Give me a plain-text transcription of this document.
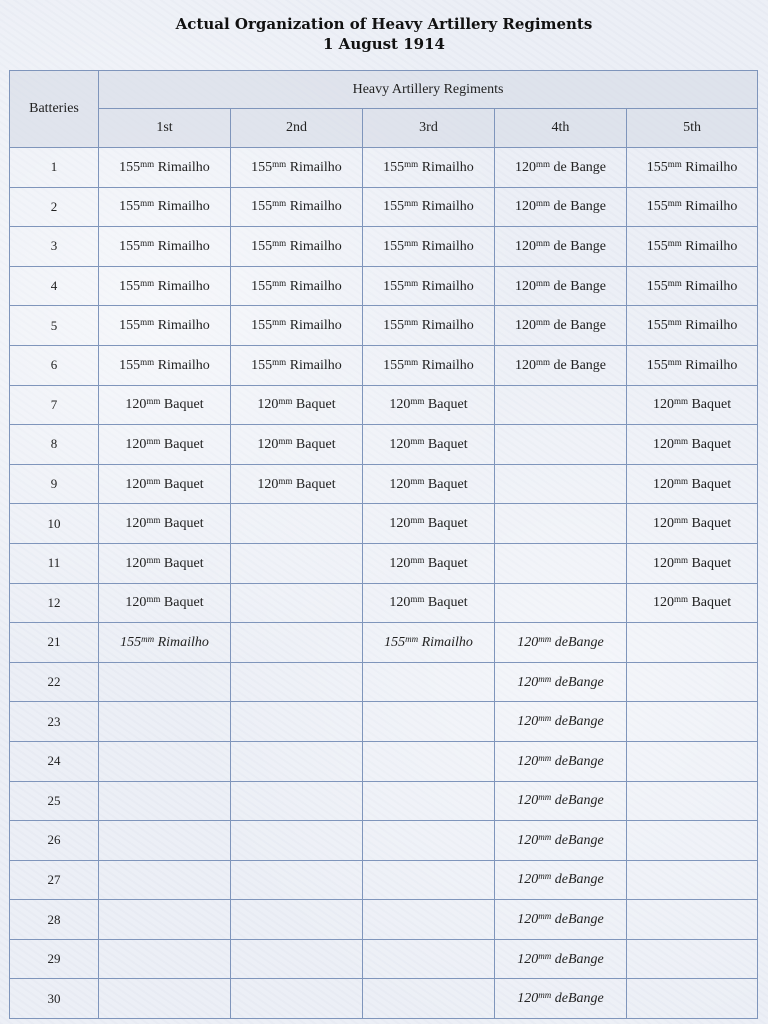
Actual Organization of Heavy Artillery Regiments
1 August 1914
Batteries	Heavy Artillery Regiments				
	1st	2nd	3rd	4th	5th
1	$155^{mm}$ Rimailho	$155^{mm}$ Rimailho	$155^{mm}$ Rimailho	$120^{mm}$ de Bange	$155^{mm}$ Rimailho
2	$155^{mm}$ Rimailho	$155^{mm}$ Rimailho	$155^{mm}$ Rimailho	$120^{mm}$ de Bange	$155^{mm}$ Rimailho
3	$155^{mm}$ Rimailho	$155^{mm}$ Rimailho	$155^{mm}$ Rimailho	$120^{mm}$ de Bange	$155^{mm}$ Rimailho
4	$155^{mm}$ Rimailho	$155^{mm}$ Rimailho	$155^{mm}$ Rimailho	$120^{mm}$ de Bange	$155^{mm}$ Rimailho
5	$155^{mm}$ Rimailho	$155^{mm}$ Rimailho	$155^{mm}$ Rimailho	$120^{mm}$ de Bange	$155^{mm}$ Rimailho
6	$155^{mm}$ Rimailho	$155^{mm}$ Rimailho	$155^{mm}$ Rimailho	$120^{mm}$ de Bange	$155^{mm}$ Rimailho
7	$120^{mm}$ Baquet	$120^{mm}$ Baquet	$120^{mm}$ Baquet		$120^{mm}$ Baquet
8	$120^{mm}$ Baquet	$120^{mm}$ Baquet	$120^{mm}$ Baquet		$120^{mm}$ Baquet
9	$120^{mm}$ Baquet	$120^{mm}$ Baquet	$120^{mm}$ Baquet		$120^{mm}$ Baquet
10	$120^{mm}$ Baquet		$120^{mm}$ Baquet		$120^{mm}$ Baquet
11	$120^{mm}$ Baquet		$120^{mm}$ Baquet		$120^{mm}$ Baquet
12	$120^{mm}$ Baquet		$120^{mm}$ Baquet		$120^{mm}$ Baquet
21	$155^{mm}$ Rimailho		$155^{mm}$ Rimailho	$120^{mm}$ deBange	
22				$120^{mm}$ deBange	
23				$120^{mm}$ deBange	
24				$120^{mm}$ deBange	
25				$120^{mm}$ deBange	
26				$120^{mm}$ deBange	
27				$120^{mm}$ deBange	
28				$120^{mm}$ deBange	
29				$120^{mm}$ deBange	
30				$120^{mm}$ deBange	
